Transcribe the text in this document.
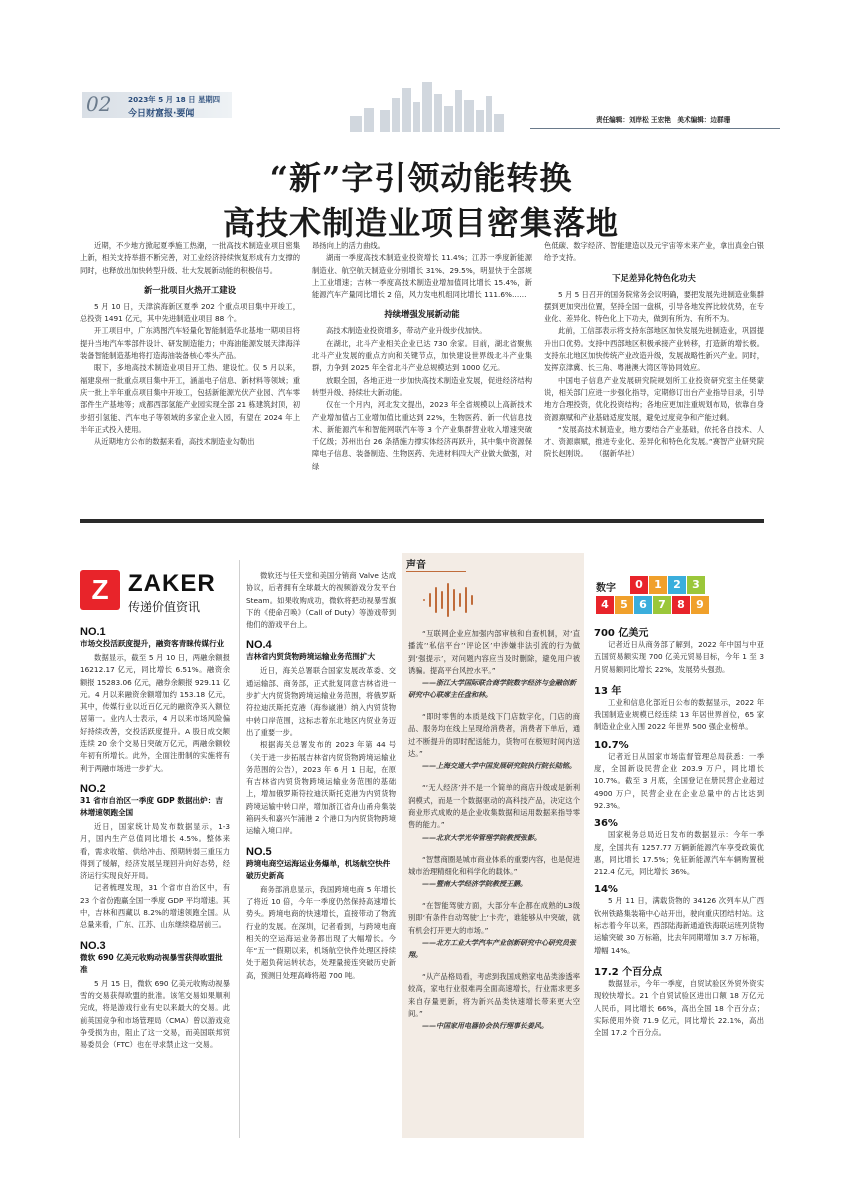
02 2023年 5 月 18 日 星期四
今日财富报·要闻
责任编辑：刘岸松 王宏艳　美术编辑：边群珊
“新”字引领动能转换
高技术制造业项目密集落地

近期，不少地方掀起夏季施工热潮，一批高技术制造业项目密集上新，相关支持举措不断完善，对工业经济持续恢复形成有力支撑的同时，也释放出加快转型升级、壮大发展新动能的积极信号。

新一批项目火热开工建设

5 月 10 日，天津滨海新区夏季 202 个重点项目集中开竣工，总投资 1491 亿元，其中先进制造业项目 88 个。

开工项目中，广东鸿图汽车轻量化智能制造华北基地一期项目将提升当地汽车零部件设计、研发制造能力；中海油能源发展天津海洋装备智能制造基地将打造海油装备核心零头产品。

眼下，多地高技术制造业项目开工热、建设忙。仅 5 月以来，福建泉州一批重点项目集中开工，涵盖电子信息、新材料等领域；重庆一批上半年重点项目集中开竣工，包括新能源光伏产业园、汽车零部件生产基地等；成都西部氢能产业园实现全部 21 栋建筑封顶，初步招引氢能、汽车电子等领域的多家企业入园，有望在 2024 年上半年正式投入使用。

从近期地方公布的数据来看，高技术制造业勾勒出

昂扬向上的活力曲线。

湖南一季度高技术制造业投资增长 11.4%；江苏一季度新能源制造业、航空航天制造业分别增长 31%、29.5%，明显快于全部规上工业增速；吉林一季度高技术制造业增加值同比增长 15.4%，新能源汽车产量同比增长 2 倍，风力发电机组同比增长 111.6%……

持续增强发展新动能

高技术制造业投资增多，带动产业升级步伐加快。

在湖北，北斗产业相关企业已达 730 余家。目前，湖北省聚焦北斗产业发展的重点方向和关键节点，加快建设世界级北斗产业集群，力争到 2025 年全省北斗产业总规模达到 1000 亿元。

放眼全国，各地正进一步加快高技术制造业发展，促进经济结构转型升级、持续壮大新动能。

仅在一个月内，河北发文提出，2023 年全省规模以上高新技术产业增加值占工业增加值比重达到 22%，生物医药、新一代信息技术、新能源汽车和智能网联汽车等 3 个产业集群营业收入增速突破千亿级；苏州出台 26 条措施力撑实体经济再跃升，其中集中资源保障电子信息、装备制造、生物医药、先进材料四大产业做大做强，对绿

色低碳、数字经济、智能建造以及元宇宙等未来产业，拿出真金白银给予支持。

下足差异化特色化功夫

5 月 5 日召开的国务院常务会议明确，要把发展先进制造业集群摆到更加突出位置，坚持全国一盘棋，引导各地发挥比较优势，在专业化、差异化、特色化上下功夫，做到有所为、有所不为。

此前，工信部表示将支持东部地区加快发展先进制造业，巩固提升出口优势。支持中西部地区积极承接产业转移，打造新的增长极。支持东北地区加快传统产业改造升级，发展战略性新兴产业。同时，发挥京津冀、长三角、粤港澳大湾区等协同效应。

中国电子信息产业发展研究院规划所工业投资研究室主任樊蒙说，相关部门应进一步强化指导，定期修订出台产业指导目录，引导地方合理投资，优化投资结构；各地应更加注重规划布局，依靠自身资源禀赋和产业基础适度发展，避免过度竞争和产能过剩。

“发展高技术制造业，地方要结合产业基础，依托各自技术、人才、资源禀赋，推进专业化、差异化和特色化发展。”赛智产业研究院院长赵刚说。　　（据新华社）

Z ZAKER
传递价值资讯
NO.1
市场交投活跃度提升，融资客青睐传媒行业

数据显示，截至 5 月 10 日，两融余额报 16212.17 亿元，同比增长 6.51%。融资余额报 15283.06 亿元，融券余额报 929.11 亿元。4 月以来融资余额增加约 153.18 亿元，其中，传媒行业以近百亿元的融资净买入额位居第一。业内人士表示，4 月以来市场风险偏好持续改善，交投活跃度提升。A 股日成交额连续 20 余个交易日突破万亿元，两融余额较年初有所增长。此外，全面注册制的实施将有利于两融市场进一步扩大。

NO.2
31 省市自治区一季度 GDP 数据出炉：吉林增速领跑全国

近日，国家统计局发布数据显示，1-3 月，国内生产总值同比增长 4.5%。整体来看，需求收缩、供给冲击、预期转弱三重压力得到了缓解，经济发展呈现回升向好态势，经济运行实现良好开局。

记者梳理发现，31 个省市自治区中，有 23 个省份跑赢全国一季度 GDP 平均增速。其中，吉林和西藏以 8.2%的增速领跑全国。从总量来看，广东、江苏、山东继续稳居前三。

NO.3
微软 690 亿美元收购动视暴雪获得欧盟批准

5 月 15 日，微软 690 亿美元收购动视暴雪的交易获得欧盟的批准。该笔交易如果顺利完成，将是游戏行业有史以来最大的交易。此前英国竞争和市场管理局（CMA）曾以游戏竞争受损为由，阻止了这一交易，而美国联邦贸易委员会（FTC）也在寻求禁止这一交易。

微软还与任天堂和美国分销商 Valve 达成协议，后者拥有全球最大的视频游戏分发平台 Steam。如果收购成功，微软将把动视暴雪旗下的《使命召唤》（Call of Duty）等游戏带到他们的游戏平台上。

NO.4
吉林省内贸货物跨境运输业务范围扩大

近日，海关总署联合国家发展改革委、交通运输部、商务部，正式批复同意吉林省进一步扩大内贸货物跨境运输业务范围，将俄罗斯符拉迪沃斯托克港（海参崴港）纳入内贸货物中转口岸范围，这标志着东北地区内贸业务迈出了重要一步。

根据海关总署发布的 2023 年第 44 号（关于进一步拓展吉林省内贸货物跨境运输业务范围的公告），2023 年 6 月 1 日起，在原有吉林省内贸货物跨境运输业务范围的基础上，增加俄罗斯符拉迪沃斯托克港为内贸货物跨境运输中转口岸，增加浙江省舟山甬舟集装箱码头和嘉兴乍浦港 2 个港口为内贸货物跨境运输入境口岸。

NO.5
跨境电商空运海运业务爆单，机场航空快件破历史新高

商务部消息显示，我国跨境电商 5 年增长了将近 10 倍，今年一季度仍然保持高速增长势头。跨境电商的快速增长，直接带动了物流行业的发展。在深圳，记者看到，与跨境电商相关的空运海运业务都出现了大幅增长。今年“五一”假期以来，机场航空快件处理区持续处于超负荷运转状态，处理量接连突破历史新高，预测日处理高峰将超 700 吨。

声音
“互联网企业应加强内部审核和自查机制，对‘直播流’‘私信平台’‘评论区’中涉嫌非法引流的行为做到‘强提示’，对问题内容应当及时删除，避免用户被诱骗。提高平台风控水平。”
——浙江大学国际联合商学院数字经济与金融创新研究中心联席主任盘和林。
“即时零售的本质是线下门店数字化，门店的商品、服务均在线上呈现给消费者，消费者下单后，通过不断提升的即时配送能力，货物可在极短时间内送达。”
——上海交通大学中国发展研究院执行院长陆铭。
“‘无人经济’并不是一个简单的商店升级或是新利润模式，而是一个数据驱动的高科技产品，决定这个商业形式成败的是企业收集数据和运用数据来指导零售的能力。”
——北京大学光华管理学院教授张影。
“智慧商圈是城市商业体系的重要内容，也是促进城市治理精细化和科学化的载体。”
——暨南大学经济学院教授王鹏。
“在智能驾驶方面，大部分车企都在成熟的L3级别即‘有条件自动驾驶’上‘卡壳’，谁能够从中突破，就有机会打开更大的市场。”
——北方工业大学汽车产业创新研究中心研究员张翔。
“从产品格局看，考虑到我国成熟家电品类渗透率较高，家电行业很难再全面高速增长，行业需求更多来自存量更新，将为新兴品类快速增长带来更大空间。”
——中国家用电器协会执行理事长姜风。
数字	0	1	2	3
4	5	6	7	8	9
700 亿美元

记者近日从商务部了解到，2022 年中国与中亚五国贸易额实现 700 亿美元贸易目标，今年 1 至 3 月贸易额同比增长 22%，发展势头强劲。

13 年

工业和信息化部近日公布的数据显示，2022 年我国制造业规模已经连续 13 年居世界首位，65 家制造业企业入围 2022 年世界 500 强企业榜单。

10.7%

记者近日从国家市场监督管理总局获悉：一季度，全国新设民营企业 203.9 万户，同比增长 10.7%。截至 3 月底，全国登记在册民营企业超过 4900 万户，民营企业在企业总量中的占比达到 92.3%。

36%

国家税务总局近日发布的数据显示：今年一季度，全国共有 1257.77 万辆新能源汽车享受政策优惠，同比增长 17.5%；免征新能源汽车车辆购置税 212.4 亿元，同比增长 36%。

14%

5 月 11 日，满载货物的 34126 次列车从广西钦州铁路集装箱中心站开出，驶向重庆团结村站。这标志着今年以来，西部陆海新通道铁海联运班列货物运输突破 30 万标箱，比去年同期增加 3.7 万标箱，增幅 14%。

17.2 个百分点

数据显示，今年一季度，自贸试验区外贸外资实现较快增长。21 个自贸试验区进出口额 18 万亿元人民币，同比增长 66%，高出全国 18 个百分点；实际使用外资 71.9 亿元，同比增长 22.1%，高出全国 17.2 个百分点。
